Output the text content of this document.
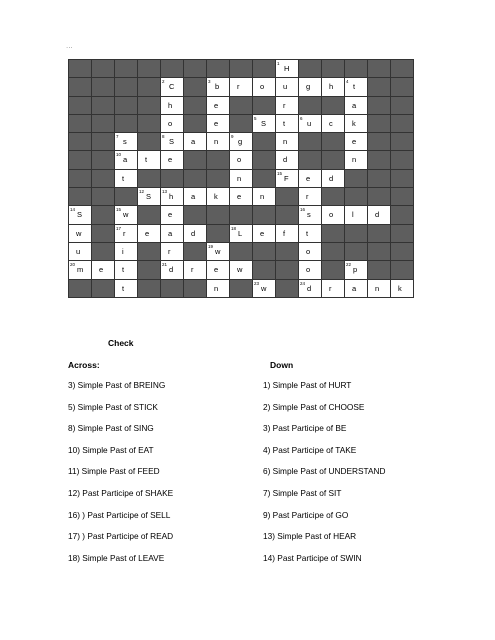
...
1
H
2
C
3
b r	o	u	g	h
4
t
h	e	r	a
o	e
5
S t
6
u c	k
7
s
8
S a	n
9
g	n	e
10
a t	e	o	d	n
t	n
15
F e	d
12
S
13
h a	k	e	n	r
14
S
15
w	e
16
s o	l	d
w
17
r	e	a	d
18
L e	f	t
u	i	r
19
w	o
20
m e	t
21
d r	e	w	o
22
p
t	n
23
w
24
d r	a	n	k
Check
Across:	Down
3) Simple Past of BREING
5) Simple Past of STICK
8) Simple Past of SING
10) Simple Past of EAT
11) Simple Past of FEED
12) Past Participe of SHAKE
16) ) Past Participe of SELL
17) ) Past Participe of READ
18) Simple Past of LEAVE
1) Simple Past of HURT
2) Simple Past of CHOOSE
3) Past Participe of BE
4) Past Participe of TAKE
6) Simple Past of UNDERSTAND
7) Simple Past of SIT
9) Past Participe of GO
13) Simple Past of HEAR
14) Past Participe of SWIN
